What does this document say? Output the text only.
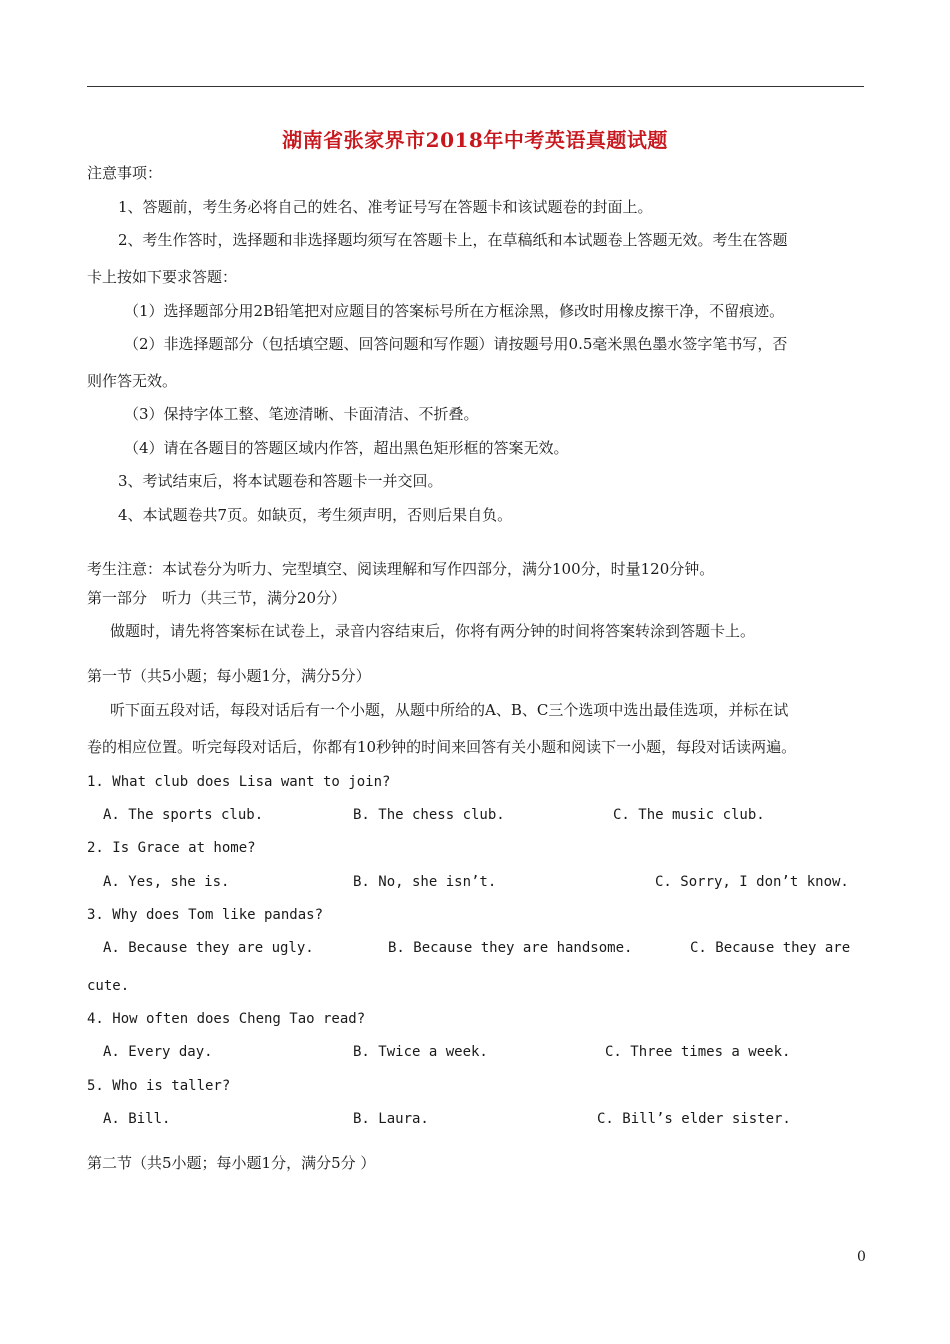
湖南省张家界市2018年中考英语真题试题
注意事项：
1、答题前，考生务必将自己的姓名、准考证号写在答题卡和该试题卷的封面上。
2、考生作答时，选择题和非选择题均须写在答题卡上，在草稿纸和本试题卷上答题无效。考生在答题
卡上按如下要求答题：
（1）选择题部分用2B铅笔把对应题目的答案标号所在方框涂黑，修改时用橡皮擦干净，不留痕迹。
（2）非选择题部分（包括填空题、回答问题和写作题）请按题号用0.5毫米黑色墨水签字笔书写，否
则作答无效。
（3）保持字体工整、笔迹清晰、卡面清洁、不折叠。
（4）请在各题目的答题区域内作答，超出黑色矩形框的答案无效。
3、考试结束后，将本试题卷和答题卡一并交回。
4、本试题卷共7页。如缺页，考生须声明，否则后果自负。
考生注意：本试卷分为听力、完型填空、阅读理解和写作四部分，满分100分，时量120分钟。
第一部分　听力（共三节，满分20分）
做题时，请先将答案标在试卷上，录音内容结束后，你将有两分钟的时间将答案转涂到答题卡上。
第一节（共5小题；每小题1分，满分5分）
听下面五段对话，每段对话后有一个小题，从题中所给的A、B、C三个选项中选出最佳选项，并标在试
卷的相应位置。听完每段对话后，你都有10秒钟的时间来回答有关小题和阅读下一小题，每段对话读两遍。
1. What club does Lisa want to join?
A. The sports club.	B. The chess club.	C. The music club.
2. Is Grace at home?
A. Yes, she is.	B. No, she isn’t.	C. Sorry, I don’t know.
3. Why does Tom like pandas?
A. Because they are ugly.	B. Because they are handsome.	C. Because they are
cute.
4. How often does Cheng Tao read?
A. Every day.	B. Twice a week.	C. Three times a week.
5. Who is taller?
A. Bill.	B. Laura.	C. Bill’s elder sister.
第二节（共5小题；每小题1分，满分5分 ）
0
